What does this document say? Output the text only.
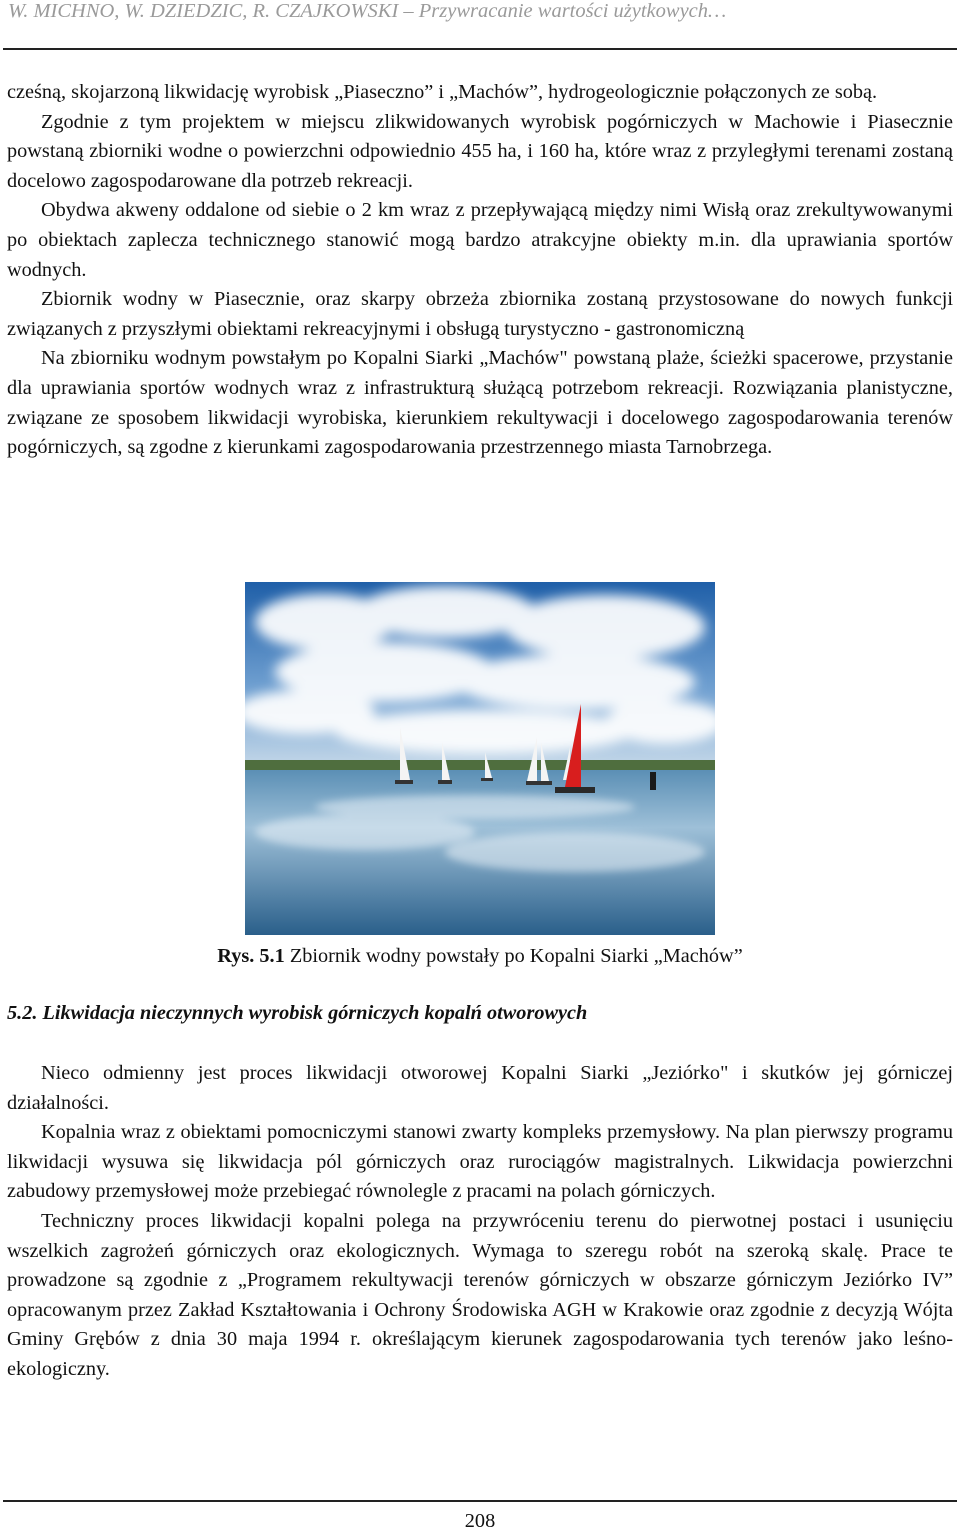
W. MICHNO, W. DZIEDZIC, R. CZAJKOWSKI – Przywracanie wartości użytkowych…

cześną, skojarzoną likwidację wyrobisk „Piaseczno” i „Machów”, hydrogeologicznie połączonych ze sobą.

Zgodnie z tym projektem w miejscu zlikwidowanych wyrobisk pogórniczych w Machowie i Piasecznie powstaną zbiorniki wodne o powierzchni odpowiednio 455 ha, i 160 ha, które wraz z przyległymi terenami zostaną docelowo zagospodarowane dla potrzeb rekreacji.

Obydwa akweny oddalone od siebie o 2 km wraz z przepływającą między nimi Wisłą oraz zrekultywowanymi po obiektach zaplecza technicznego stanowić mogą bardzo atrakcyjne obiekty m.in. dla uprawiania sportów wodnych.

Zbiornik wodny w Piasecznie, oraz skarpy obrzeża zbiornika zostaną przystosowane do nowych funkcji związanych z przyszłymi obiektami rekreacyjnymi i obsługą turystyczno - gastronomiczną

Na zbiorniku wodnym powstałym po Kopalni Siarki „Machów" powstaną plaże, ścieżki spacerowe, przystanie dla uprawiania sportów wodnych wraz z infrastrukturą służącą potrzebom rekreacji. Rozwiązania planistyczne, związane ze sposobem likwidacji wyrobiska, kierunkiem rekultywacji i docelowego zagospodarowania terenów pogórniczych, są zgodne z kierunkami zagospodarowania przestrzennego miasta Tarnobrzega.

Rys. 5.1 Zbiornik wodny powstały po Kopalni Siarki „Machów”
5.2. Likwidacja nieczynnych wyrobisk górniczych kopalń otworowych

Nieco odmienny jest proces likwidacji otworowej Kopalni Siarki „Jeziórko" i skutków jej górniczej działalności.

Kopalnia wraz z obiektami pomocniczymi stanowi zwarty kompleks przemysłowy. Na plan pierwszy programu likwidacji wysuwa się likwidacja pól górniczych oraz rurociągów magistralnych. Likwidacja powierzchni zabudowy przemysłowej może przebiegać równolegle z pracami na polach górniczych.

Techniczny proces likwidacji kopalni polega na przywróceniu terenu do pierwotnej postaci i usunięciu wszelkich zagrożeń górniczych oraz ekologicznych. Wymaga to szeregu robót na szeroką skalę. Prace te prowadzone są zgodnie z „Programem rekultywacji terenów górniczych w obszarze górniczym Jeziórko IV” opracowanym przez Zakład Kształtowania i Ochrony Środowiska AGH w Krakowie oraz zgodnie z decyzją Wójta Gminy Grębów z dnia 30 maja 1994 r. określającym kierunek zagospodarowania tych terenów jako leśno-ekologiczny.

208
